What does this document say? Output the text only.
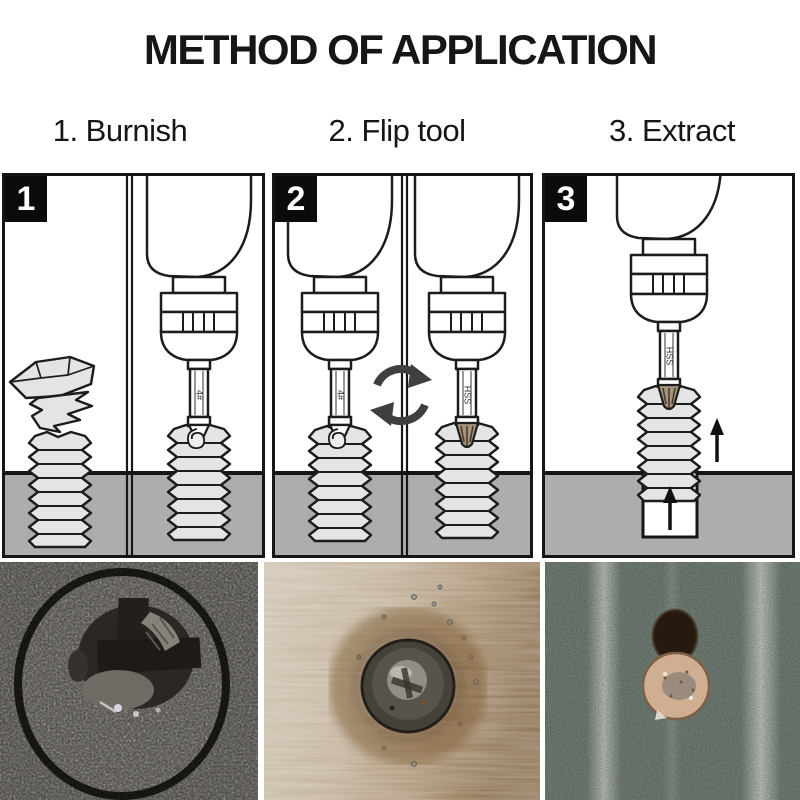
METHOD OF APPLICATION
1. Burnish	2. Flip tool	3. Extract
4#
1
4#	HSS
2
HSS
3
